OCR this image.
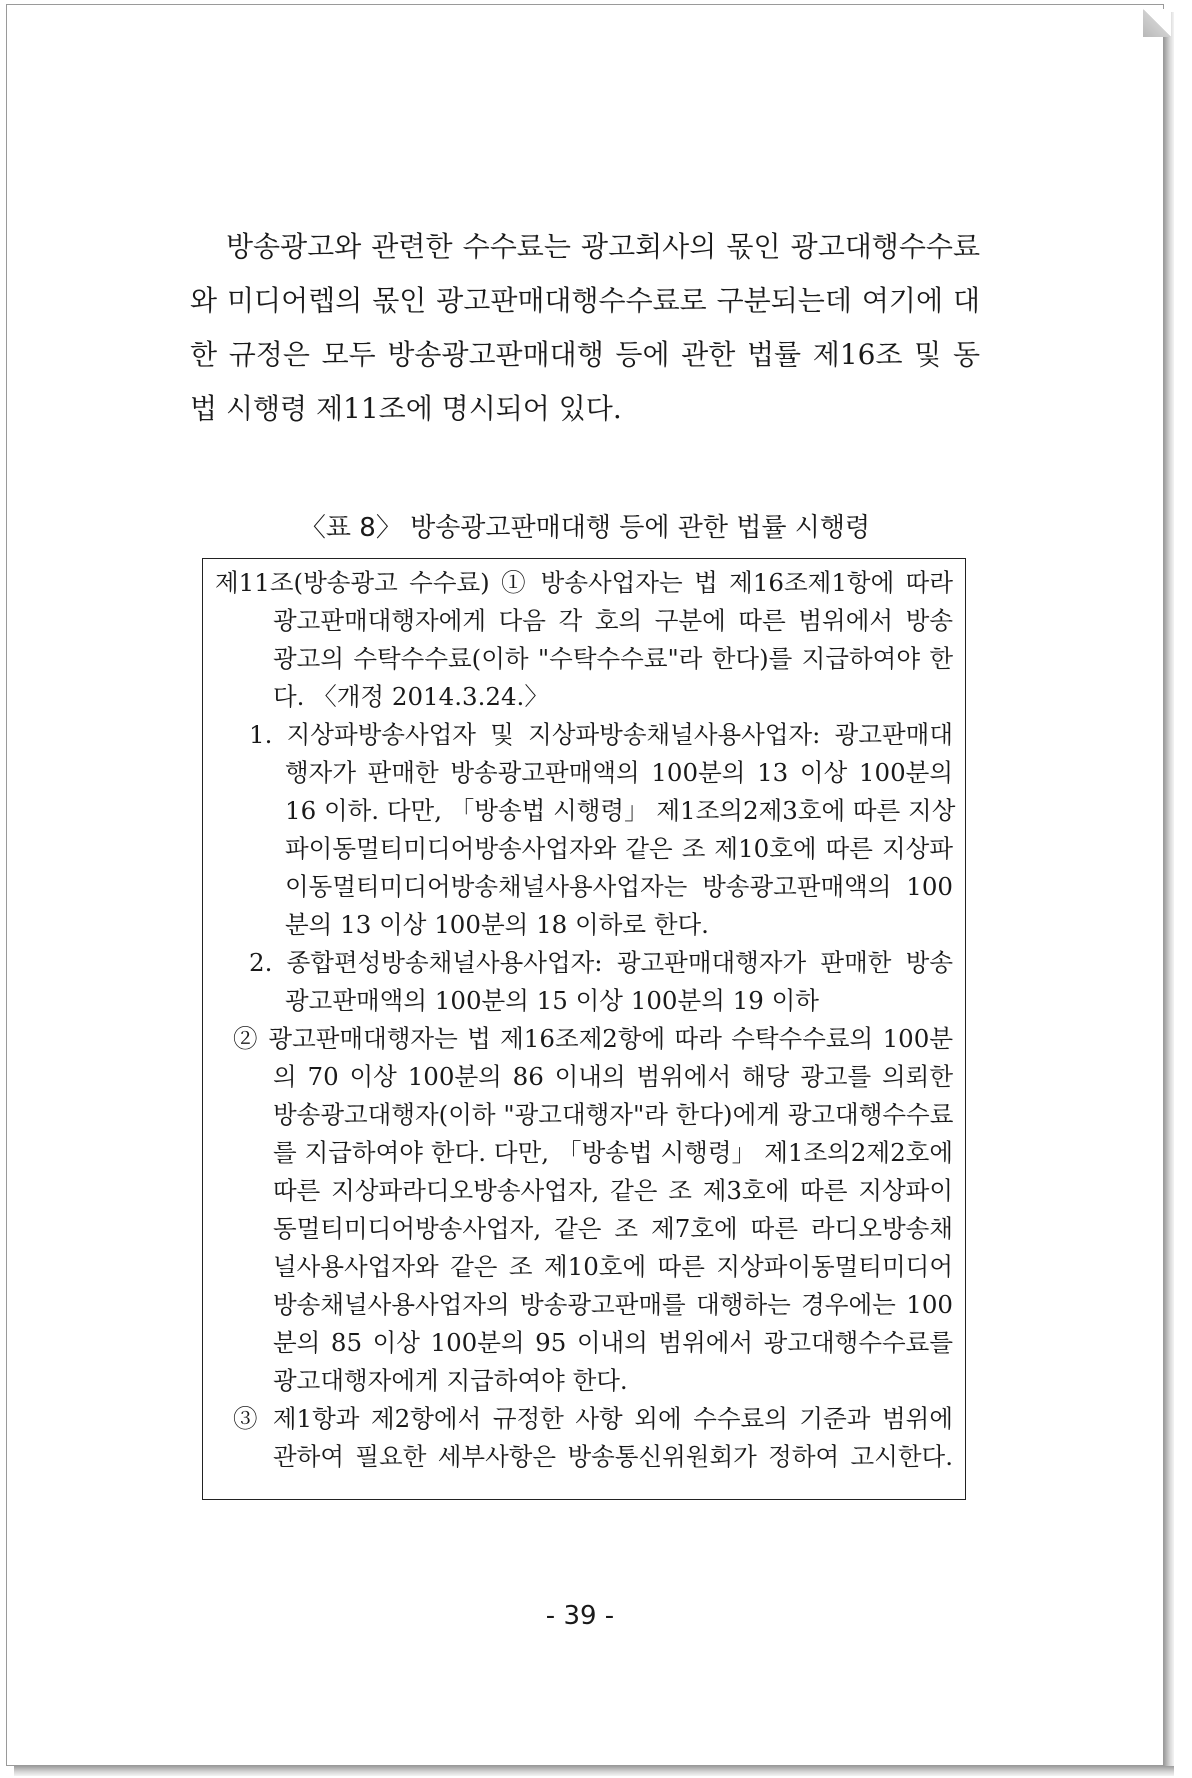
방송광고와 관련한 수수료는 광고회사의 몫인 광고대행수수료
와 미디어렙의 몫인 광고판매대행수수료로 구분되는데 여기에 대
한 규정은 모두 방송광고판매대행 등에 관한 법률 제16조 및 동
법 시행령 제11조에 명시되어 있다.
〈표 8〉 방송광고판매대행 등에 관한 법률 시행령
제11조(방송광고 수수료) ① 방송사업자는 법 제16조제1항에 따라
광고판매대행자에게 다음 각 호의 구분에 따른 범위에서 방송
광고의 수탁수수료(이하 "수탁수수료"라 한다)를 지급하여야 한
다. 〈개정 2014.3.24.〉
1. 지상파방송사업자 및 지상파방송채널사용사업자: 광고판매대
행자가 판매한 방송광고판매액의 100분의 13 이상 100분의
16 이하. 다만, 「방송법 시행령」 제1조의2제3호에 따른 지상
파이동멀티미디어방송사업자와 같은 조 제10호에 따른 지상파
이동멀티미디어방송채널사용사업자는 방송광고판매액의 100
분의 13 이상 100분의 18 이하로 한다.
2. 종합편성방송채널사용사업자: 광고판매대행자가 판매한 방송
광고판매액의 100분의 15 이상 100분의 19 이하
② 광고판매대행자는 법 제16조제2항에 따라 수탁수수료의 100분
의 70 이상 100분의 86 이내의 범위에서 해당 광고를 의뢰한
방송광고대행자(이하 "광고대행자"라 한다)에게 광고대행수수료
를 지급하여야 한다. 다만, 「방송법 시행령」 제1조의2제2호에
따른 지상파라디오방송사업자, 같은 조 제3호에 따른 지상파이
동멀티미디어방송사업자, 같은 조 제7호에 따른 라디오방송채
널사용사업자와 같은 조 제10호에 따른 지상파이동멀티미디어
방송채널사용사업자의 방송광고판매를 대행하는 경우에는 100
분의 85 이상 100분의 95 이내의 범위에서 광고대행수수료를
광고대행자에게 지급하여야 한다.
③ 제1항과 제2항에서 규정한 사항 외에 수수료의 기준과 범위에
관하여 필요한 세부사항은 방송통신위원회가 정하여 고시한다.
- 39 -
